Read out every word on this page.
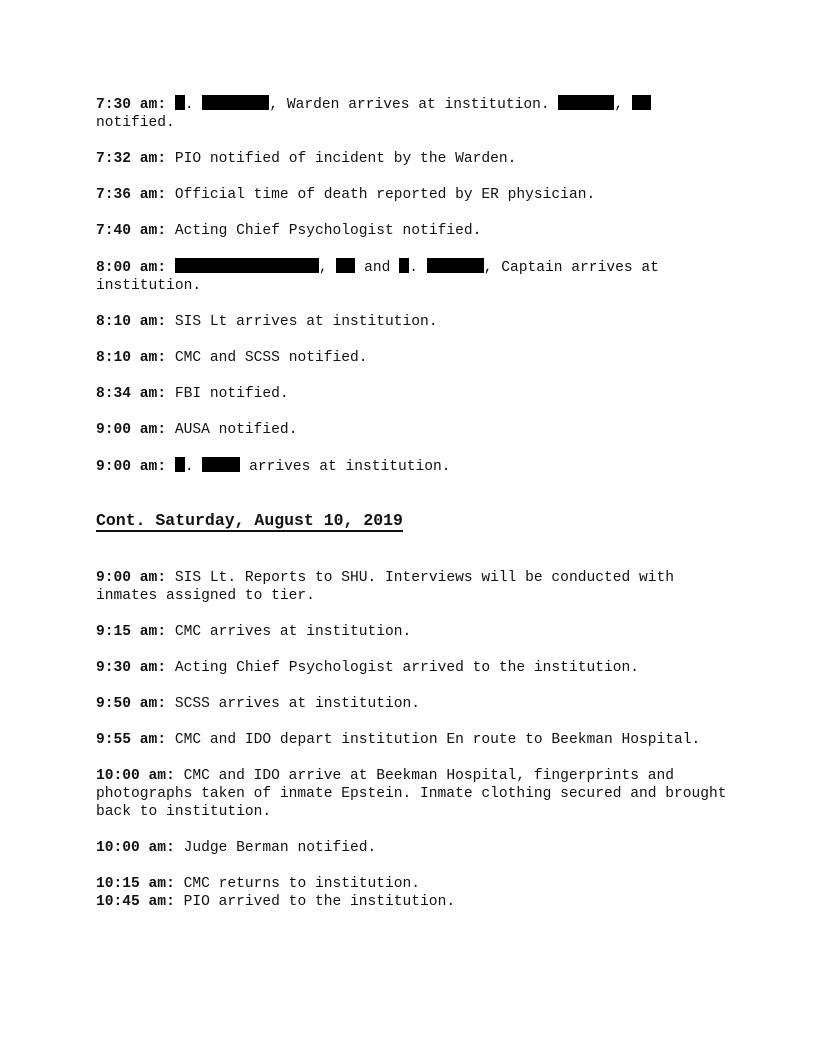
7:30 am: .	, Warden arrives at institution.	,
notified.

7:32 am: PIO notified of incident by the Warden.

7:36 am: Official time of death reported by ER physician.

7:40 am: Acting Chief Psychologist notified.

8:00 am:	,	and .	, Captain arrives at institution.

8:10 am: SIS Lt arrives at institution.

8:10 am: CMC and SCSS notified.

8:34 am: FBI notified.

9:00 am: AUSA notified.

9:00 am: .	arrives at institution.

Cont. Saturday, August 10, 2019

9:00 am: SIS Lt. Reports to SHU. Interviews will be conducted with inmates assigned to tier.

9:15 am: CMC arrives at institution.

9:30 am: Acting Chief Psychologist arrived to the institution.

9:50 am: SCSS arrives at institution.

9:55 am: CMC and IDO depart institution En route to Beekman Hospital.

10:00 am: CMC and IDO arrive at Beekman Hospital, fingerprints and photographs taken of inmate Epstein. Inmate clothing secured and brought back to institution.

10:00 am: Judge Berman notified.

10:15 am: CMC returns to institution.

10:45 am: PIO arrived to the institution.
